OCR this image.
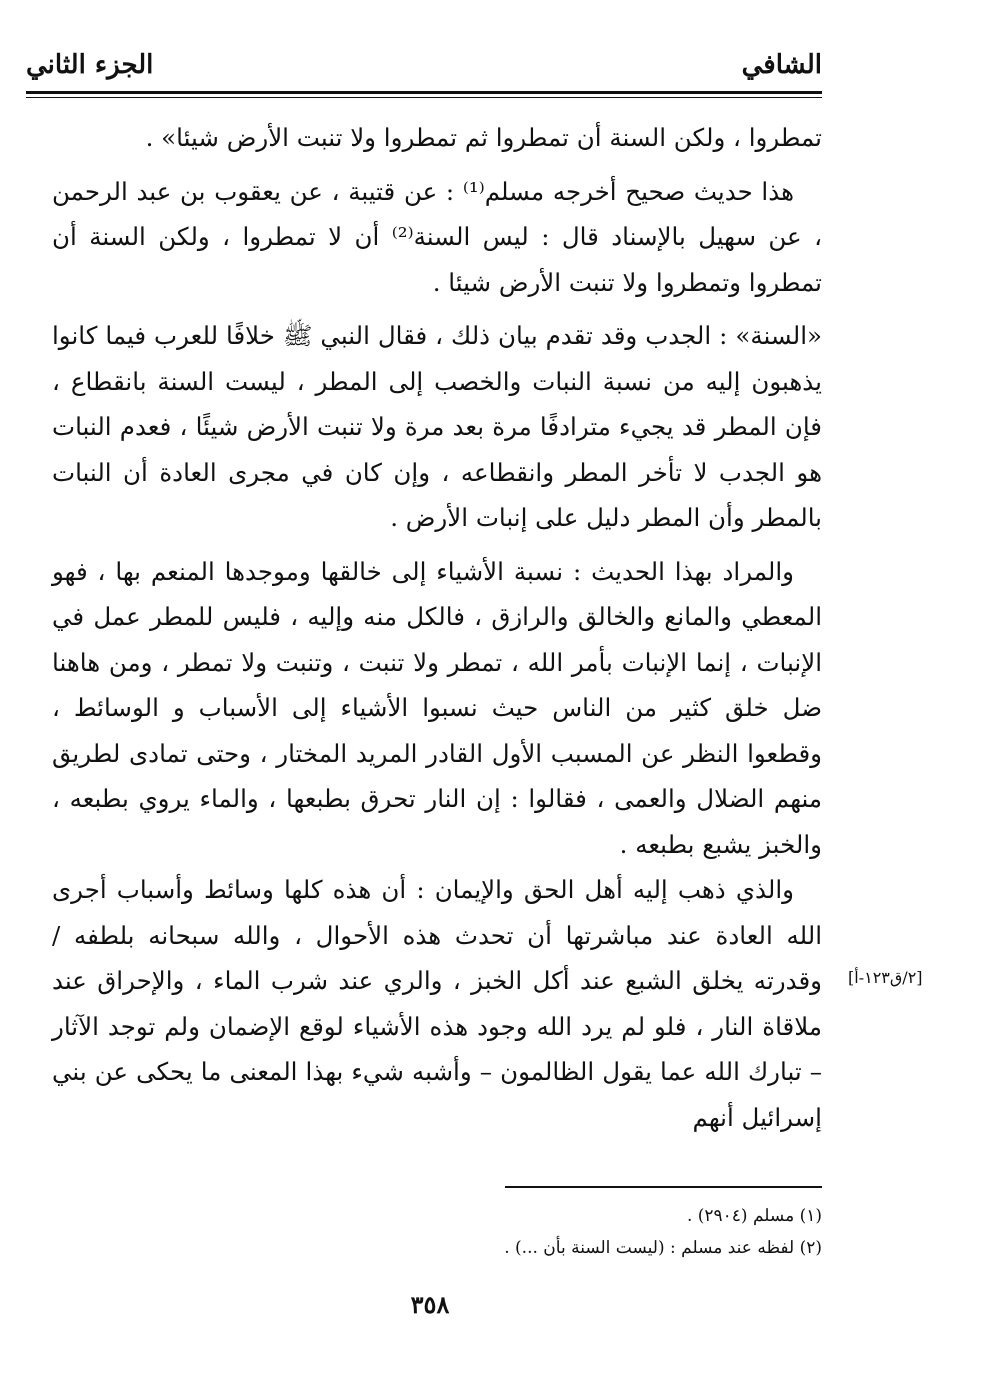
الشافي
الجزء الثاني

تمطروا ، ولكن السنة أن تمطروا ثم تمطروا ولا تنبت الأرض شيئا» .

هذا حديث صحيح أخرجه مسلم⁽¹⁾ : عن قتيبة ، عن يعقوب بن عبد الرحمن ، عن سهيل بالإسناد قال : ليس السنة⁽²⁾ أن لا تمطروا ، ولكن السنة أن تمطروا وتمطروا ولا تنبت الأرض شيئا .

«السنة» : الجدب وقد تقدم بيان ذلك ، فقال النبي ﷺ خلافًا للعرب فيما كانوا يذهبون إليه من نسبة النبات والخصب إلى المطر ، ليست السنة بانقطاع ، فإن المطر قد يجيء مترادفًا مرة بعد مرة ولا تنبت الأرض شيئًا ، فعدم النبات هو الجدب لا تأخر المطر وانقطاعه ، وإن كان في مجرى العادة أن النبات بالمطر وأن المطر دليل على إنبات الأرض .

والمراد بهذا الحديث : نسبة الأشياء إلى خالقها وموجدها المنعم بها ، فهو المعطي والمانع والخالق والرازق ، فالكل منه وإليه ، فليس للمطر عمل في الإنبات ، إنما الإنبات بأمر الله ، تمطر ولا تنبت ، وتنبت ولا تمطر ، ومن هاهنا ضل خلق كثير من الناس حيث نسبوا الأشياء إلى الأسباب و الوسائط ، وقطعوا النظر عن المسبب الأول القادر المريد المختار ، وحتى تمادى لطريق منهم الضلال والعمى ، فقالوا : إن النار تحرق بطبعها ، والماء يروي بطبعه ، والخبز يشبع بطبعه .

والذي ذهب إليه أهل الحق والإيمان : أن هذه كلها وسائط وأسباب أجرى الله العادة عند مباشرتها أن تحدث هذه الأحوال ، والله سبحانه بلطفه / وقدرته يخلق الشبع عند أكل الخبز ، والري عند شرب الماء ، والإحراق عند ملاقاة النار ، فلو لم يرد الله وجود هذه الأشياء لوقع الإضمان ولم توجد الآثار – تبارك الله عما يقول الظالمون – وأشبه شيء بهذا المعنى ما يحكى عن بني إسرائيل أنهم

[٢/ق١٢٣-أ]

(١) مسلم (٢٩٠٤) .

(٢) لفظه عند مسلم : (ليست السنة بأن ...) .

٣٥٨
